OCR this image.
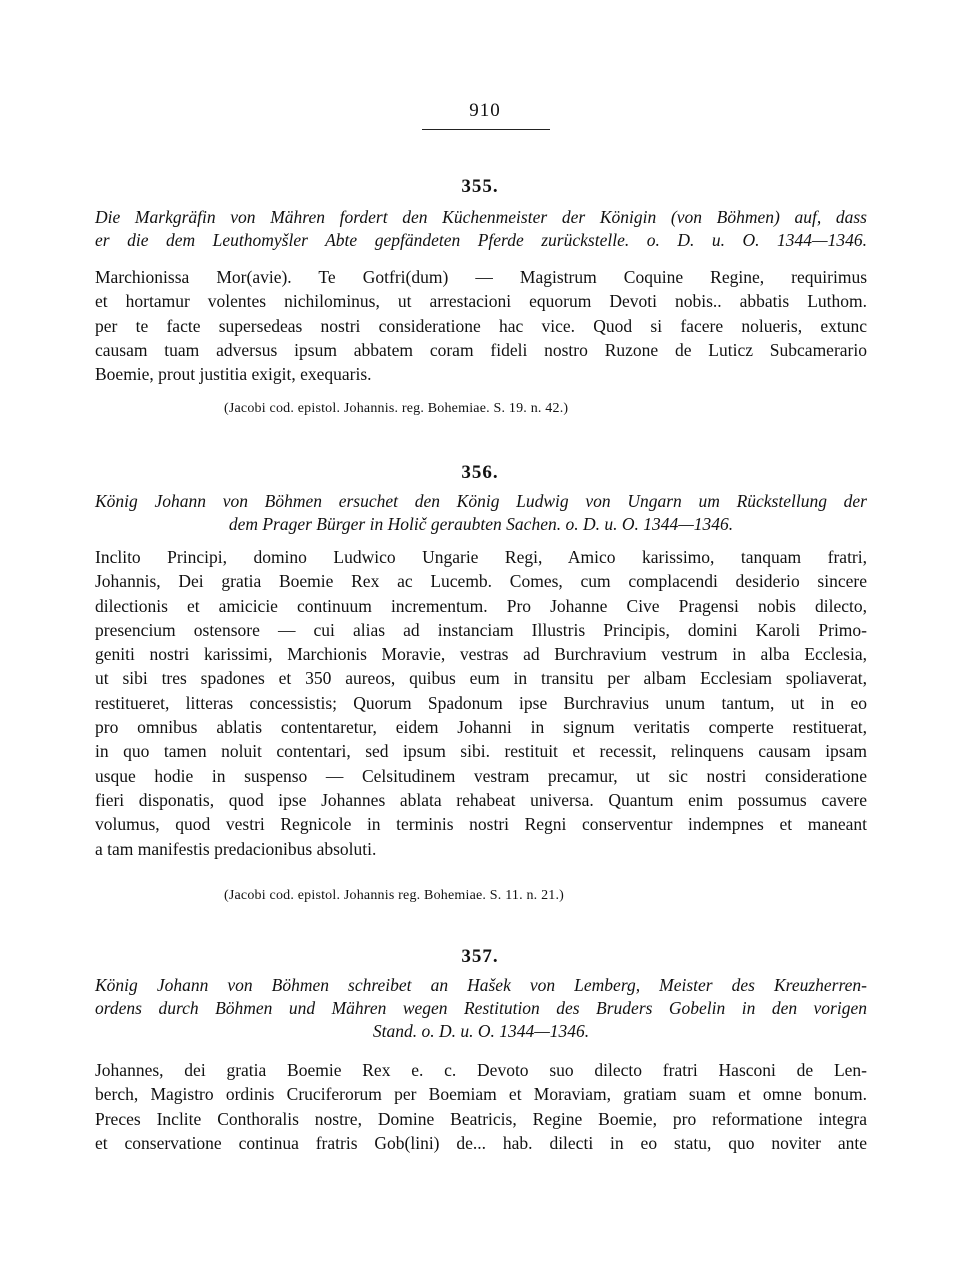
910
355.
Die Markgräfin von Mähren fordert den Küchenmeister der Königin (von Böhmen) auf, dass
er die dem Leuthomyšler Abte gepfändeten Pferde zurückstelle. o. D. u. O. 1344—1346.
Marchionissa Mor(avie). Te Gotfri(dum) — Magistrum Coquine Regine, requirimus
et hortamur volentes nichilominus, ut arrestacioni equorum Devoti nobis.. abbatis Luthom.
per te facte supersedeas nostri consideratione hac vice. Quod si facere nolueris, extunc
causam tuam adversus ipsum abbatem coram fideli nostro Ruzone de Luticz Subcamerario
Boemie, prout justitia exigit, exequaris.
(Jacobi cod. epistol. Johannis. reg. Bohemiae. S. 19. n. 42.)
356.
König Johann von Böhmen ersuchet den König Ludwig von Ungarn um Rückstellung der
dem Prager Bürger in Holič geraubten Sachen. o. D. u. O. 1344—1346.
Inclito Principi, domino Ludwico Ungarie Regi, Amico karissimo, tanquam fratri,
Johannis, Dei gratia Boemie Rex ac Lucemb. Comes, cum complacendi desiderio sincere
dilectionis et amicicie continuum incrementum. Pro Johanne Cive Pragensi nobis dilecto,
presencium ostensore — cui alias ad instanciam Illustris Principis, domini Karoli Primo-
geniti nostri karissimi, Marchionis Moravie, vestras ad Burchravium vestrum in alba Ecclesia,
ut sibi tres spadones et 350 aureos, quibus eum in transitu per albam Ecclesiam spoliaverat,
restitueret, litteras concessistis; Quorum Spadonum ipse Burchravius unum tantum, ut in eo
pro omnibus ablatis contentaretur, eidem Johanni in signum veritatis comperte restituerat,
in quo tamen noluit contentari, sed ipsum sibi. restituit et recessit, relinquens causam ipsam
usque hodie in suspenso — Celsitudinem vestram precamur, ut sic nostri consideratione
fieri disponatis, quod ipse Johannes ablata rehabeat universa. Quantum enim possumus cavere
volumus, quod vestri Regnicole in terminis nostri Regni conserventur indempnes et maneant
a tam manifestis predacionibus absoluti.
(Jacobi cod. epistol. Johannis reg. Bohemiae. S. 11. n. 21.)
357.
König Johann von Böhmen schreibet an Hašek von Lemberg, Meister des Kreuzherren-
ordens durch Böhmen und Mähren wegen Restitution des Bruders Gobelin in den vorigen
Stand. o. D. u. O. 1344—1346.
Johannes, dei gratia Boemie Rex e. c. Devoto suo dilecto fratri Hasconi de Len-
berch, Magistro ordinis Cruciferorum per Boemiam et Moraviam, gratiam suam et omne bonum.
Preces Inclite Conthoralis nostre, Domine Beatricis, Regine Boemie, pro reformatione integra
et conservatione continua fratris Gob(lini) de... hab. dilecti in eo statu, quo noviter ante
